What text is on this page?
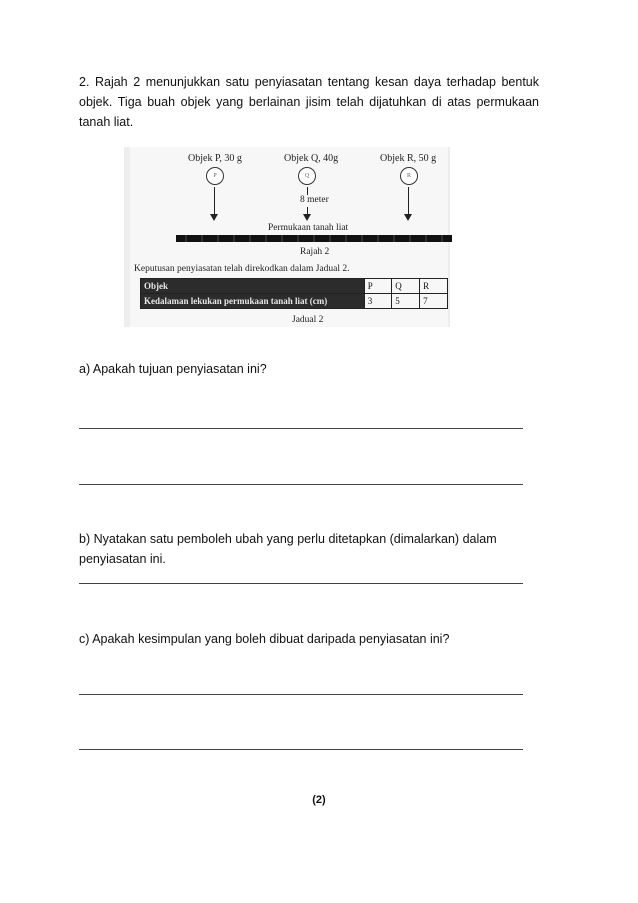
2. Rajah 2 menunjukkan satu penyiasatan tentang kesan daya terhadap bentuk objek. Tiga buah objek yang berlainan jisim telah dijatuhkan di atas permukaan tanah liat.
Objek P, 30 g
P
Objek Q, 40g
Q
8 meter
Objek R, 50 g
R
Permukaan tanah liat
Rajah 2
Keputusan penyiasatan telah direkodkan dalam Jadual 2.
Objek	P	Q	R
Kedalaman lekukan permukaan tanah liat (cm)	3	5	7
Jadual 2
a) Apakah tujuan penyiasatan ini?
b) Nyatakan satu pemboleh ubah yang perlu ditetapkan (dimalarkan) dalam penyiasatan ini.
c) Apakah kesimpulan yang boleh dibuat daripada penyiasatan ini?
(2)
